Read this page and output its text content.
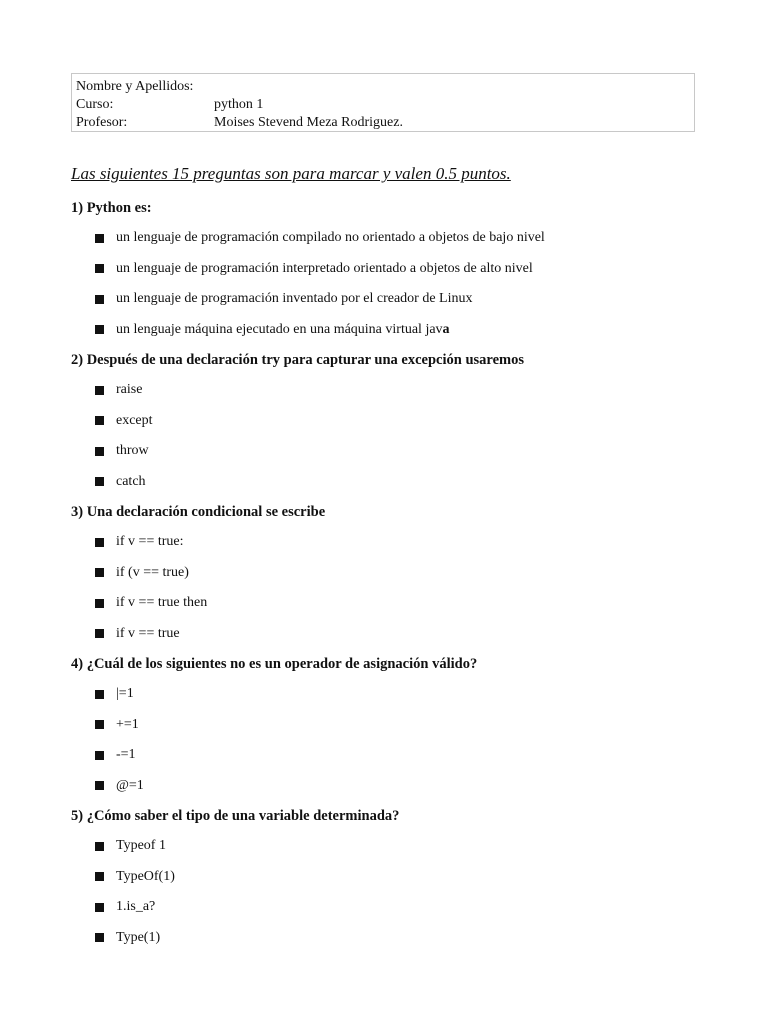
Nombre y Apellidos:
Curso:	python 1
Profesor:	Moises Stevend Meza Rodriguez.
Las siguientes 15 preguntas son para marcar y valen 0.5 puntos.
1) Python es:
un lenguaje de programación compilado no orientado a objetos de bajo nivel
un lenguaje de programación interpretado orientado a objetos de alto nivel
un lenguaje de programación inventado por el creador de Linux
un lenguaje máquina ejecutado en una máquina virtual java
2) Después de una declaración try para capturar una excepción usaremos
raise
except
throw
catch
3) Una declaración condicional se escribe
if v == true:
if (v == true)
if v == true then
if v == true
4) ¿Cuál de los siguientes no es un operador de asignación válido?
|=1
+=1
-=1
@=1
5) ¿Cómo saber el tipo de una variable determinada?
Typeof 1
TypeOf(1)
1.is_a?
Type(1)
